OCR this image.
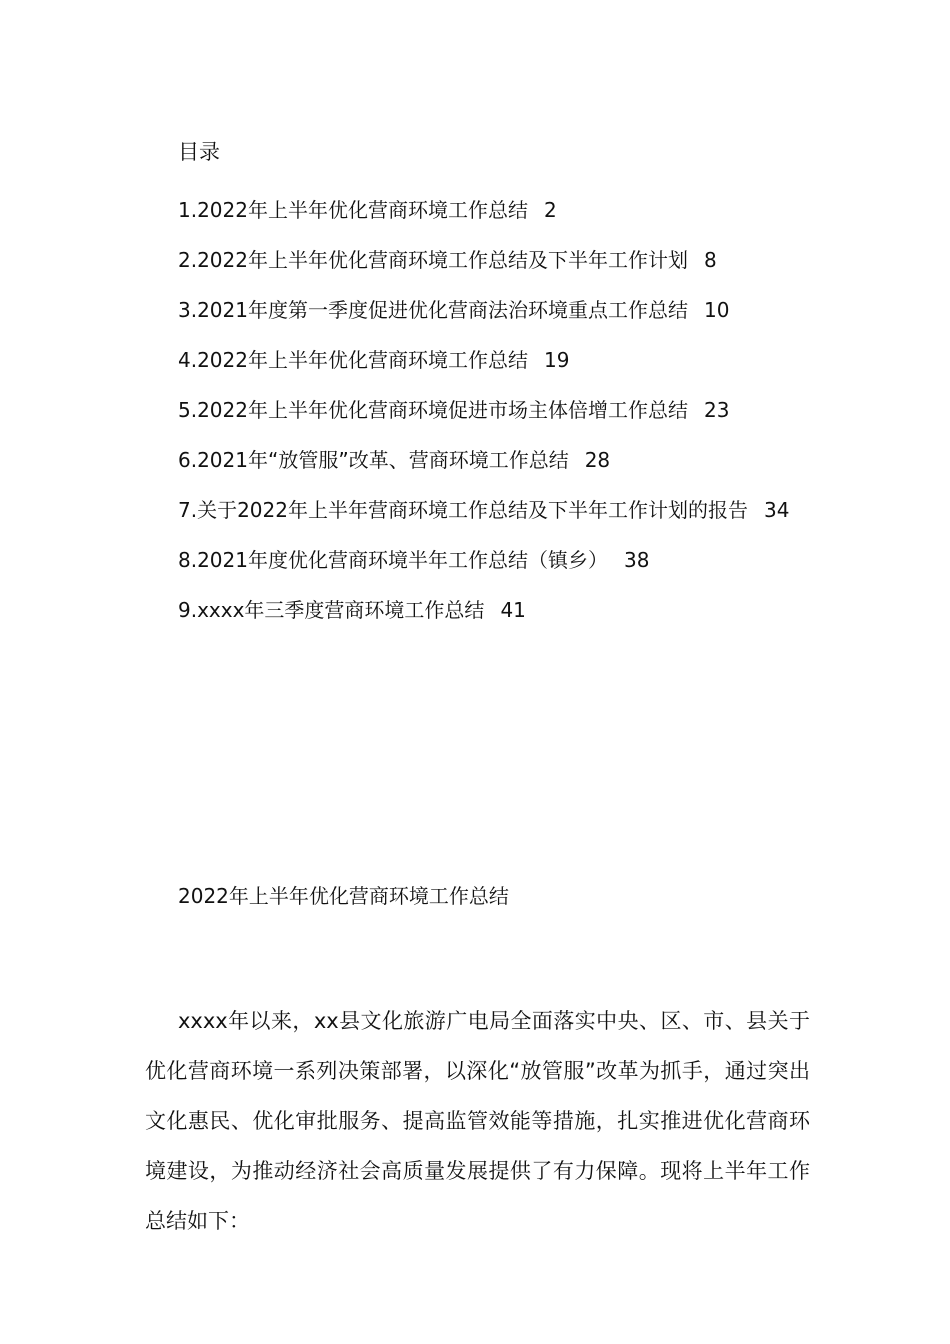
目录
1.2022年上半年优化营商环境工作总结 2
2.2022年上半年优化营商环境工作总结及下半年工作计划 8
3.2021年度第一季度促进优化营商法治环境重点工作总结 10
4.2022年上半年优化营商环境工作总结 19
5.2022年上半年优化营商环境促进市场主体倍增工作总结 23
6.2021年“放管服”改革、营商环境工作总结 28
7.关于2022年上半年营商环境工作总结及下半年工作计划的报告 34
8.2021年度优化营商环境半年工作总结（镇乡） 38
9.xxxx年三季度营商环境工作总结 41
2022年上半年优化营商环境工作总结

xxxx年以来，xx县文化旅游广电局全面落实中央、区、市、县关于优化营商环境一系列决策部署，以深化“放管服”改革为抓手，通过突出文化惠民、优化审批服务、提高监管效能等措施，扎实推进优化营商环境建设，为推动经济社会高质量发展提供了有力保障。现将上半年工作总结如下：
